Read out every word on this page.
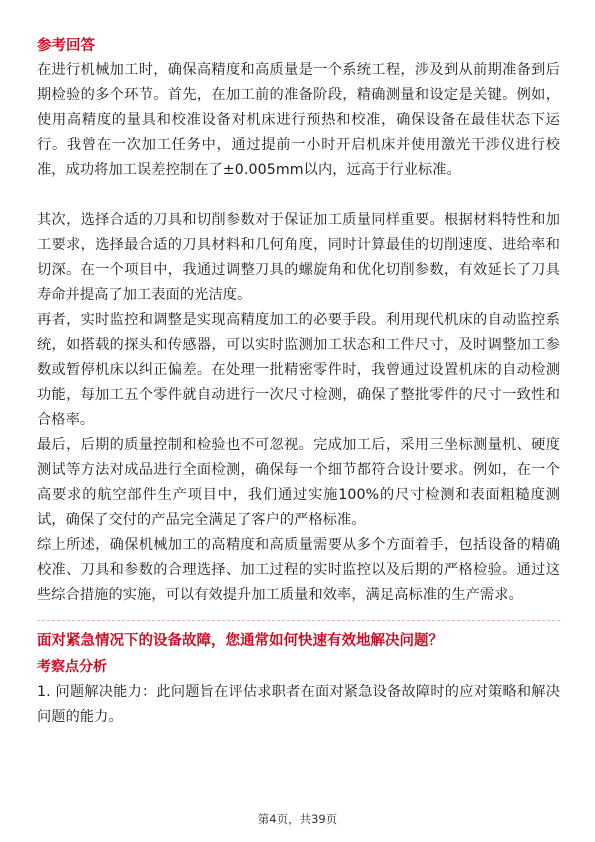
参考回答

在进行机械加工时，确保高精度和高质量是一个系统工程，涉及到从前期准备到后期检验的多个环节。首先，在加工前的准备阶段，精确测量和设定是关键。例如，使用高精度的量具和校准设备对机床进行预热和校准，确保设备在最佳状态下运行。我曾在一次加工任务中，通过提前一小时开启机床并使用激光干涉仪进行校准，成功将加工误差控制在了±0.005mm以内，远高于行业标准。

其次，选择合适的刀具和切削参数对于保证加工质量同样重要。根据材料特性和加工要求，选择最合适的刀具材料和几何角度，同时计算最佳的切削速度、进给率和切深。在一个项目中，我通过调整刀具的螺旋角和优化切削参数，有效延长了刀具寿命并提高了加工表面的光洁度。

再者，实时监控和调整是实现高精度加工的必要手段。利用现代机床的自动监控系统，如搭载的探头和传感器，可以实时监测加工状态和工件尺寸，及时调整加工参数或暂停机床以纠正偏差。在处理一批精密零件时，我曾通过设置机床的自动检测功能，每加工五个零件就自动进行一次尺寸检测，确保了整批零件的尺寸一致性和合格率。

最后，后期的质量控制和检验也不可忽视。完成加工后，采用三坐标测量机、硬度测试等方法对成品进行全面检测，确保每一个细节都符合设计要求。例如，在一个高要求的航空部件生产项目中，我们通过实施100%的尺寸检测和表面粗糙度测试，确保了交付的产品完全满足了客户的严格标准。

综上所述，确保机械加工的高精度和高质量需要从多个方面着手，包括设备的精确校准、刀具和参数的合理选择、加工过程的实时监控以及后期的严格检验。通过这些综合措施的实施，可以有效提升加工质量和效率，满足高标准的生产需求。

面对紧急情况下的设备故障，您通常如何快速有效地解决问题？
考察点分析

1. 问题解决能力：此问题旨在评估求职者在面对紧急设备故障时的应对策略和解决问题的能力。

第4页，共39页
